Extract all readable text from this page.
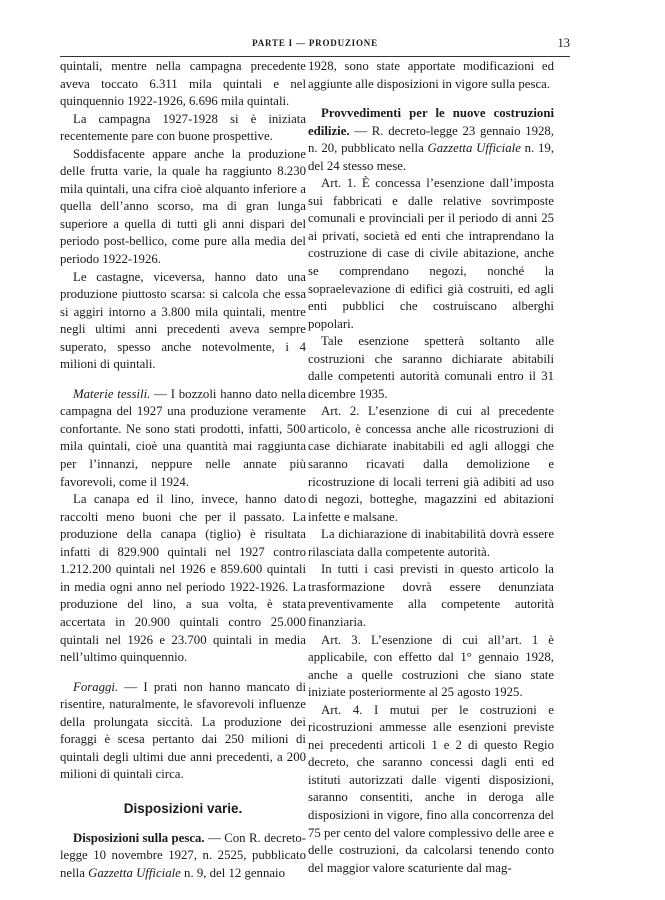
PARTE I — PRODUZIONE	13

quintali, mentre nella campagna precedente aveva toccato 6.311 mila quintali e nel quinquennio 1922-1926, 6.696 mila quintali.

La campagna 1927-1928 si è iniziata recentemente pare con buone prospettive.

Soddisfacente appare anche la produzione delle frutta varie, la quale ha raggiunto 8.230 mila quintali, una cifra cioè alquanto inferiore a quella dell’anno scorso, ma di gran lunga superiore a quella di tutti gli anni dispari del periodo post-bellico, come pure alla media del periodo 1922-1926.

Le castagne, viceversa, hanno dato una produzione piuttosto scarsa: si calcola che essa si aggiri intorno a 3.800 mila quintali, mentre negli ultimi anni precedenti aveva sempre superato, spesso anche notevolmente, i 4 milioni di quintali.

Materie tessili. — I bozzoli hanno dato nella campagna del 1927 una produzione veramente confortante. Ne sono stati prodotti, infatti, 500 mila quintali, cioè una quantità mai raggiunta per l’innanzi, neppure nelle annate più favorevoli, come il 1924.

La canapa ed il lino, invece, hanno dato raccolti meno buoni che per il passato. La produzione della canapa (tiglio) è risultata infatti di 829.900 quintali nel 1927 contro 1.212.200 quintali nel 1926 e 859.600 quintali in media ogni anno nel periodo 1922-1926. La produzione del lino, a sua volta, è stata accertata in 20.900 quintali contro 25.000 quintali nel 1926 e 23.700 quintali in media nell’ultimo quinquennio.

Foraggi. — I prati non hanno mancato di risentire, naturalmente, le sfavorevoli influenze della prolungata siccità. La produzione dei foraggi è scesa pertanto dai 250 milioni di quintali degli ultimi due anni precedenti, a 200 milioni di quintali circa.

Disposizioni varie.

Disposizioni sulla pesca. — Con R. decreto-legge 10 novembre 1927, n. 2525, pubblicato nella Gazzetta Ufficiale n. 9, del 12 gennaio

1928, sono state apportate modificazioni ed aggiunte alle disposizioni in vigore sulla pesca.

Provvedimenti per le nuove costruzioni edilizie. — R. decreto-legge 23 gennaio 1928, n. 20, pubblicato nella Gazzetta Ufficiale n. 19, del 24 stesso mese.

Art. 1. È concessa l’esenzione dall’imposta sui fabbricati e dalle relative sovrimposte comunali e provinciali per il periodo di anni 25 ai privati, società ed enti che intraprendano la costruzione di case di civile abitazione, anche se comprendano negozi, nonché la sopraelevazione di edifici già costruiti, ed agli enti pubblici che costruiscano alberghi popolari.

Tale esenzione spetterà soltanto alle costruzioni che saranno dichiarate abitabili dalle competenti autorità comunali entro il 31 dicembre 1935.

Art. 2. L’esenzione di cui al precedente articolo, è concessa anche alle ricostruzioni di case dichiarate inabitabili ed agli alloggi che saranno ricavati dalla demolizione e ricostruzione di locali terreni già adibiti ad uso di negozi, botteghe, magazzini ed abitazioni infette e malsane.

La dichiarazione di inabitabilità dovrà essere rilasciata dalla competente autorità.

In tutti i casi previsti in questo articolo la trasformazione dovrà essere denunziata preventivamente alla competente autorità finanziaria.

Art. 3. L’esenzione di cui all’art. 1 è applicabile, con effetto dal 1° gennaio 1928, anche a quelle costruzioni che siano state iniziate posteriormente al 25 agosto 1925.

Art. 4. I mutui per le costruzioni e ricostruzioni ammesse alle esenzioni previste nei precedenti articoli 1 e 2 di questo Regio decreto, che saranno concessi dagli enti ed istituti autorizzati dalle vigenti disposizioni, saranno consentiti, anche in deroga alle disposizioni in vigore, fino alla concorrenza del 75 per cento del valore complessivo delle aree e delle costruzioni, da calcolarsi tenendo conto del maggior valore scaturiente dal mag-
